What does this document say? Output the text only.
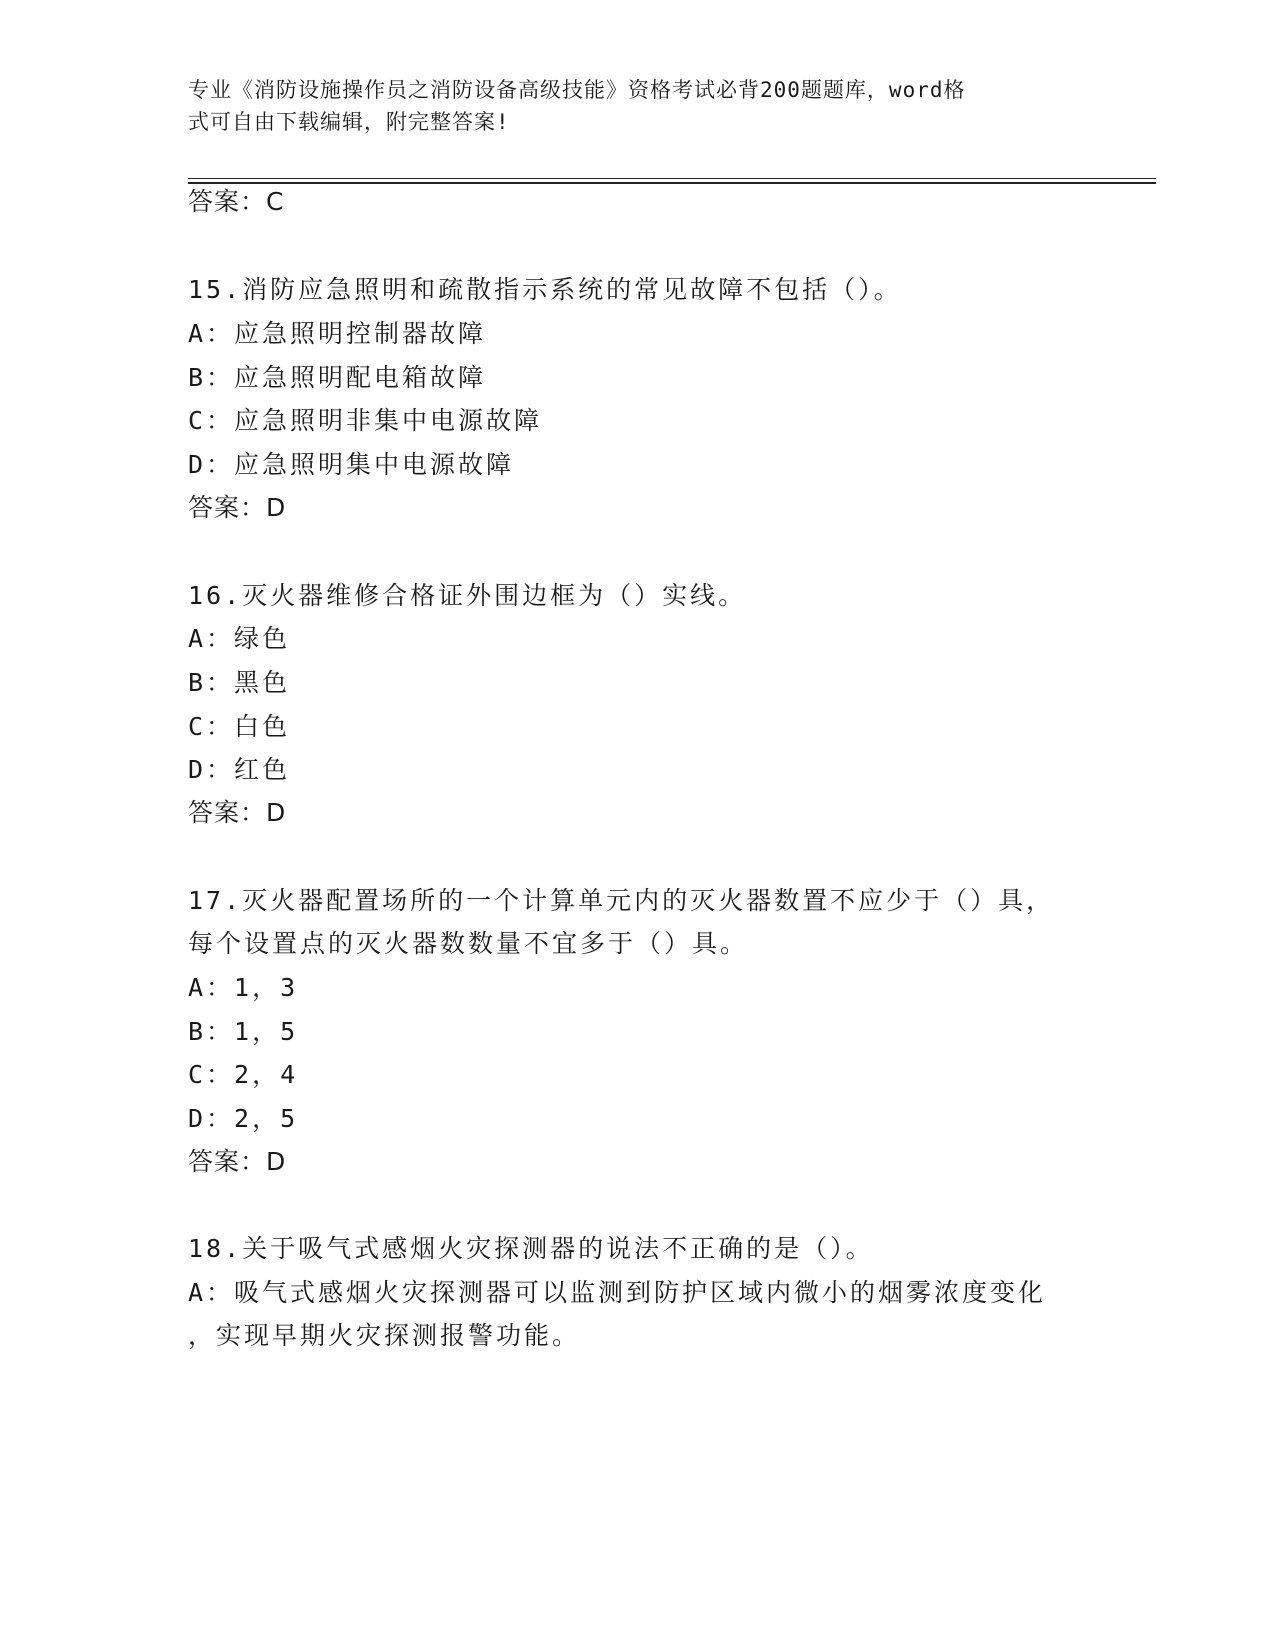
专业《消防设施操作员之消防设备高级技能》资格考试必背200题题库，word格
式可自由下载编辑，附完整答案!
答案：C
15.消防应急照明和疏散指示系统的常见故障不包括（）。
A：应急照明控制器故障
B：应急照明配电箱故障
C：应急照明非集中电源故障
D：应急照明集中电源故障
答案：D
16.灭火器维修合格证外围边框为（）实线。
A：绿色
B：黑色
C：白色
D：红色
答案：D
17.灭火器配置场所的一个计算单元内的灭火器数置不应少于（）具，
每个设置点的灭火器数数量不宜多于（）具。
A：1，3
B：1，5
C：2，4
D：2，5
答案：D
18.关于吸气式感烟火灾探测器的说法不正确的是（）。
A：吸气式感烟火灾探测器可以监测到防护区域内微小的烟雾浓度变化
，实现早期火灾探测报警功能。
